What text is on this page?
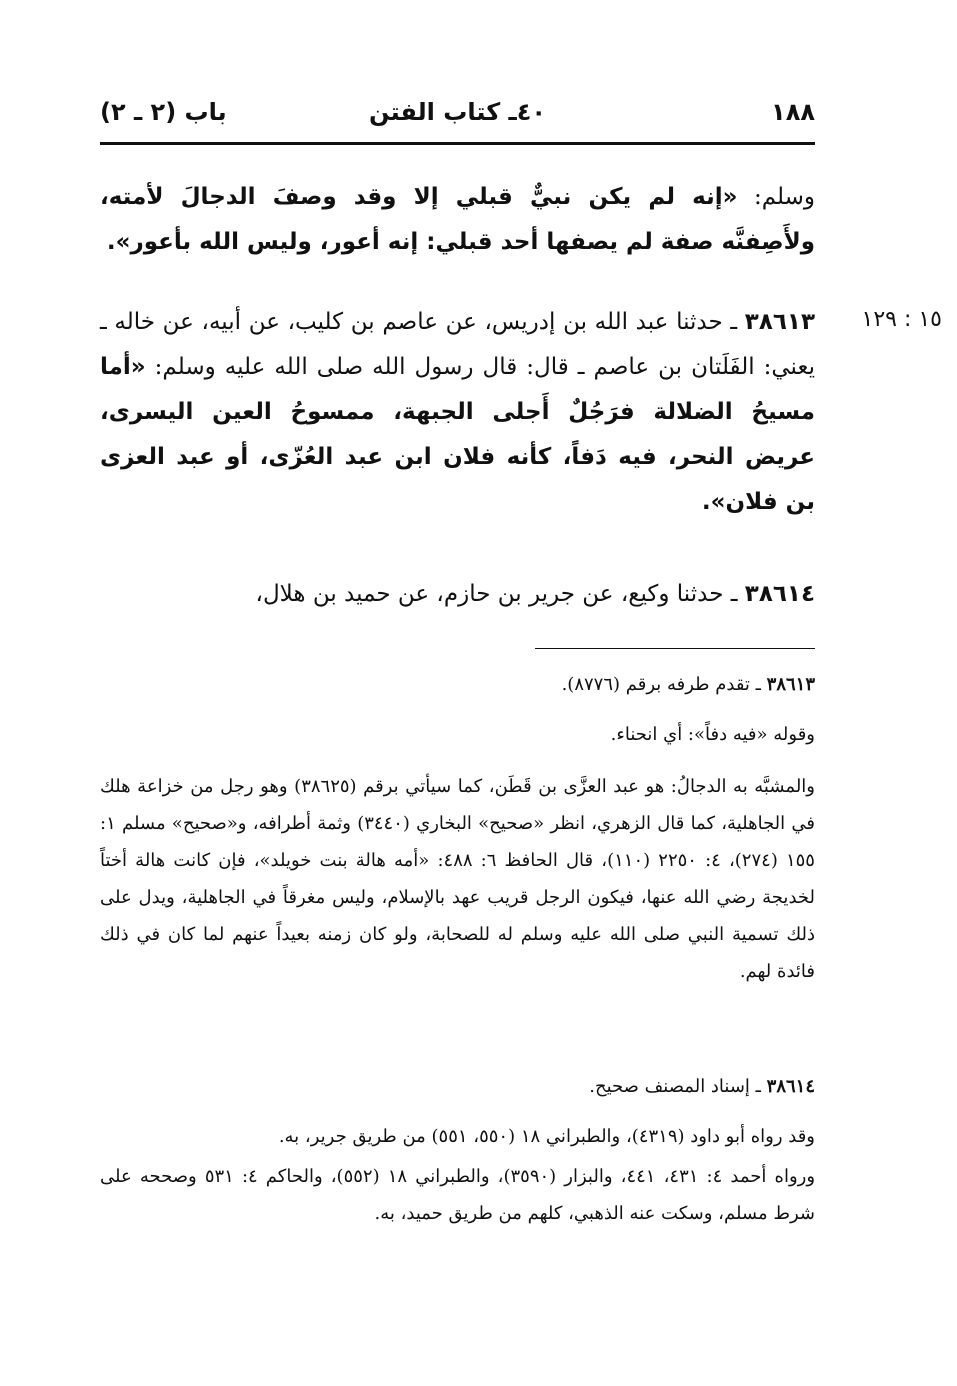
١٨٨
٤٠ـ كتاب الفتن
باب (٢ ـ ٢)
وسلم: «إنه لم يكن نبيٌّ قبلي إلا وقد وصفَ الدجالَ لأمته، ولأَصِفنَّه صفة لم يصفها أحد قبلي: إنه أعور، وليس الله بأعور».
١٥ : ١٢٩
٣٨٦١٣ ـ حدثنا عبد الله بن إدريس، عن عاصم بن كليب، عن أبيه، عن خاله ـ يعني: الفَلَتان بن عاصم ـ قال: قال رسول الله صلى الله عليه وسلم: «أما مسيحُ الضلالة فرَجُلٌ أَجلى الجبهة، ممسوحُ العين اليسرى، عريض النحر، فيه دَفاً، كأنه فلان ابن عبد العُزّى، أو عبد العزى بن فلان».
٣٨٦١٤ ـ حدثنا وكيع، عن جرير بن حازم، عن حميد بن هلال،
٣٨٦١٣ ـ تقدم طرفه برقم (٨٧٧٦).
وقوله «فيه دفاً»: أي انحناء.
والمشبَّه به الدجالُ: هو عبد العزَّى بن قَطَن، كما سيأتي برقم (٣٨٦٢٥) وهو رجل من خزاعة هلك في الجاهلية، كما قال الزهري، انظر «صحيح» البخاري (٣٤٤٠) وثمة أطرافه، و«صحيح» مسلم ١: ١٥٥ (٢٧٤)، ٤: ٢٢٥٠ (١١٠)، قال الحافظ ٦: ٤٨٨: «أمه هالة بنت خويلد»، فإن كانت هالة أختاً لخديجة رضي الله عنها، فيكون الرجل قريب عهد بالإسلام، وليس مغرقاً في الجاهلية، ويدل على ذلك تسمية النبي صلى الله عليه وسلم له للصحابة، ولو كان زمنه بعيداً عنهم لما كان في ذلك فائدة لهم.
٣٨٦١٤ ـ إسناد المصنف صحيح.
وقد رواه أبو داود (٤٣١٩)، والطبراني ١٨ (٥٥٠، ٥٥١) من طريق جرير، به.
ورواه أحمد ٤: ٤٣١، ٤٤١، والبزار (٣٥٩٠)، والطبراني ١٨ (٥٥٢)، والحاكم ٤: ٥٣١ وصححه على شرط مسلم، وسكت عنه الذهبي، كلهم من طريق حميد، به.
